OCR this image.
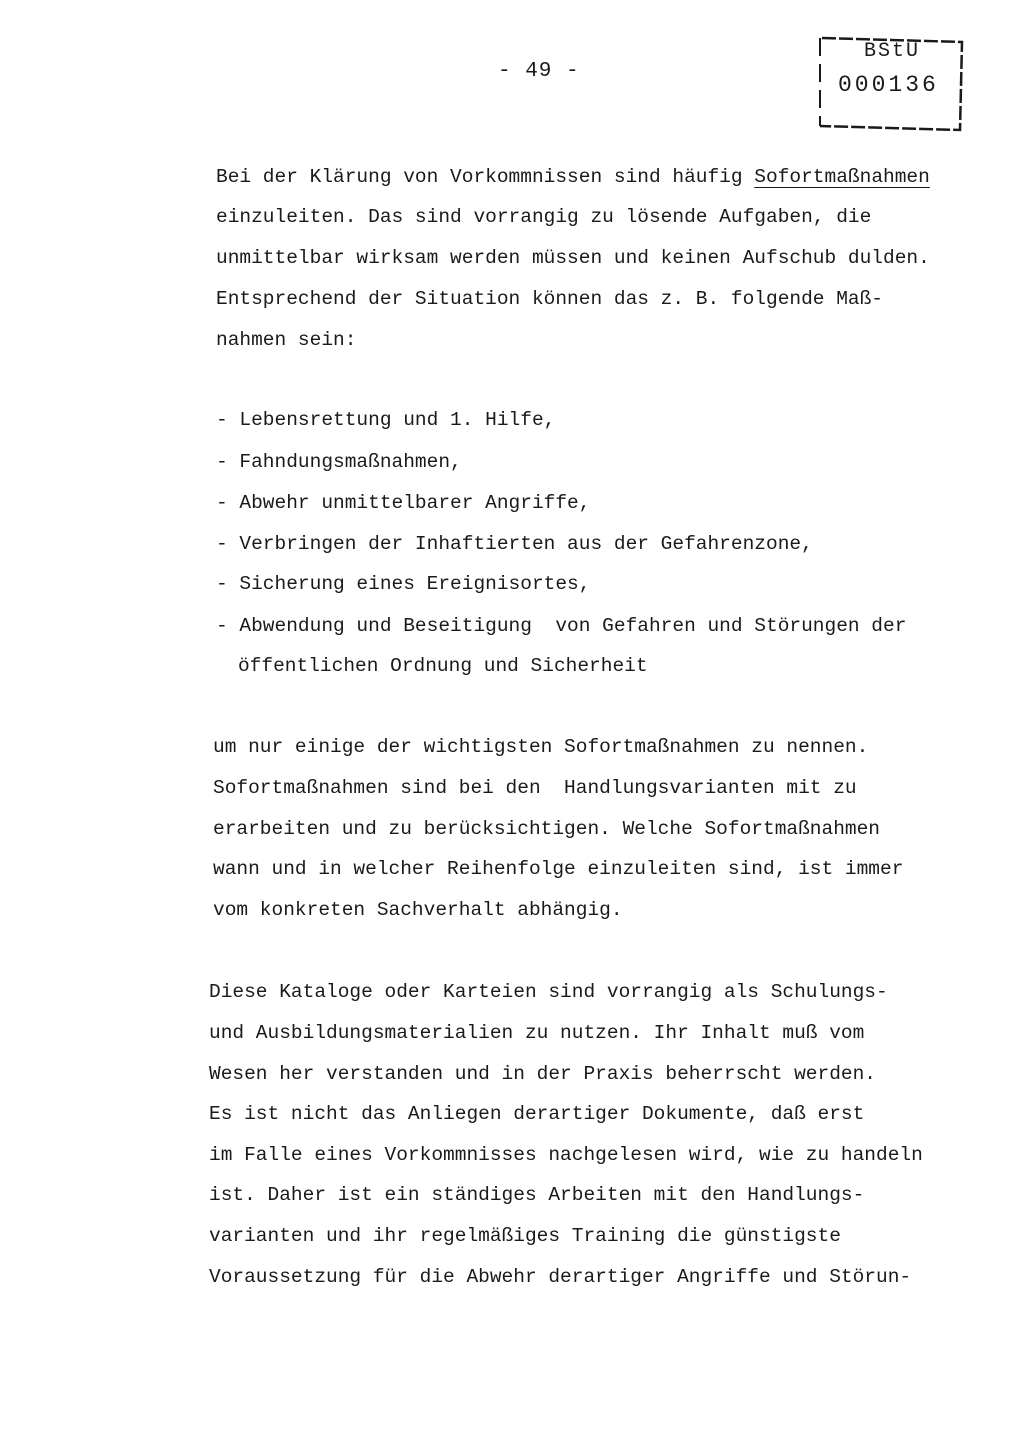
- 49 -
BStU
000136
Bei der Klärung von Vorkommnissen sind häufig Sofortmaßnahmen
einzuleiten. Das sind vorrangig zu lösende Aufgaben, die
unmittelbar wirksam werden müssen und keinen Aufschub dulden.
Entsprechend der Situation können das z. B. folgende Maß-
nahmen sein:
- Lebensrettung und 1. Hilfe,
- Fahndungsmaßnahmen,
- Abwehr unmittelbarer Angriffe,
- Verbringen der Inhaftierten aus der Gefahrenzone,
- Sicherung eines Ereignisortes,
- Abwendung und Beseitigung  von Gefahren und Störungen der
öffentlichen Ordnung und Sicherheit
um nur einige der wichtigsten Sofortmaßnahmen zu nennen.
Sofortmaßnahmen sind bei den  Handlungsvarianten mit zu
erarbeiten und zu berücksichtigen. Welche Sofortmaßnahmen
wann und in welcher Reihenfolge einzuleiten sind, ist immer
vom konkreten Sachverhalt abhängig.
Diese Kataloge oder Karteien sind vorrangig als Schulungs-
und Ausbildungsmaterialien zu nutzen. Ihr Inhalt muß vom
Wesen her verstanden und in der Praxis beherrscht werden.
Es ist nicht das Anliegen derartiger Dokumente, daß erst
im Falle eines Vorkommnisses nachgelesen wird, wie zu handeln
ist. Daher ist ein ständiges Arbeiten mit den Handlungs-
varianten und ihr regelmäßiges Training die günstigste
Voraussetzung für die Abwehr derartiger Angriffe und Störun-
